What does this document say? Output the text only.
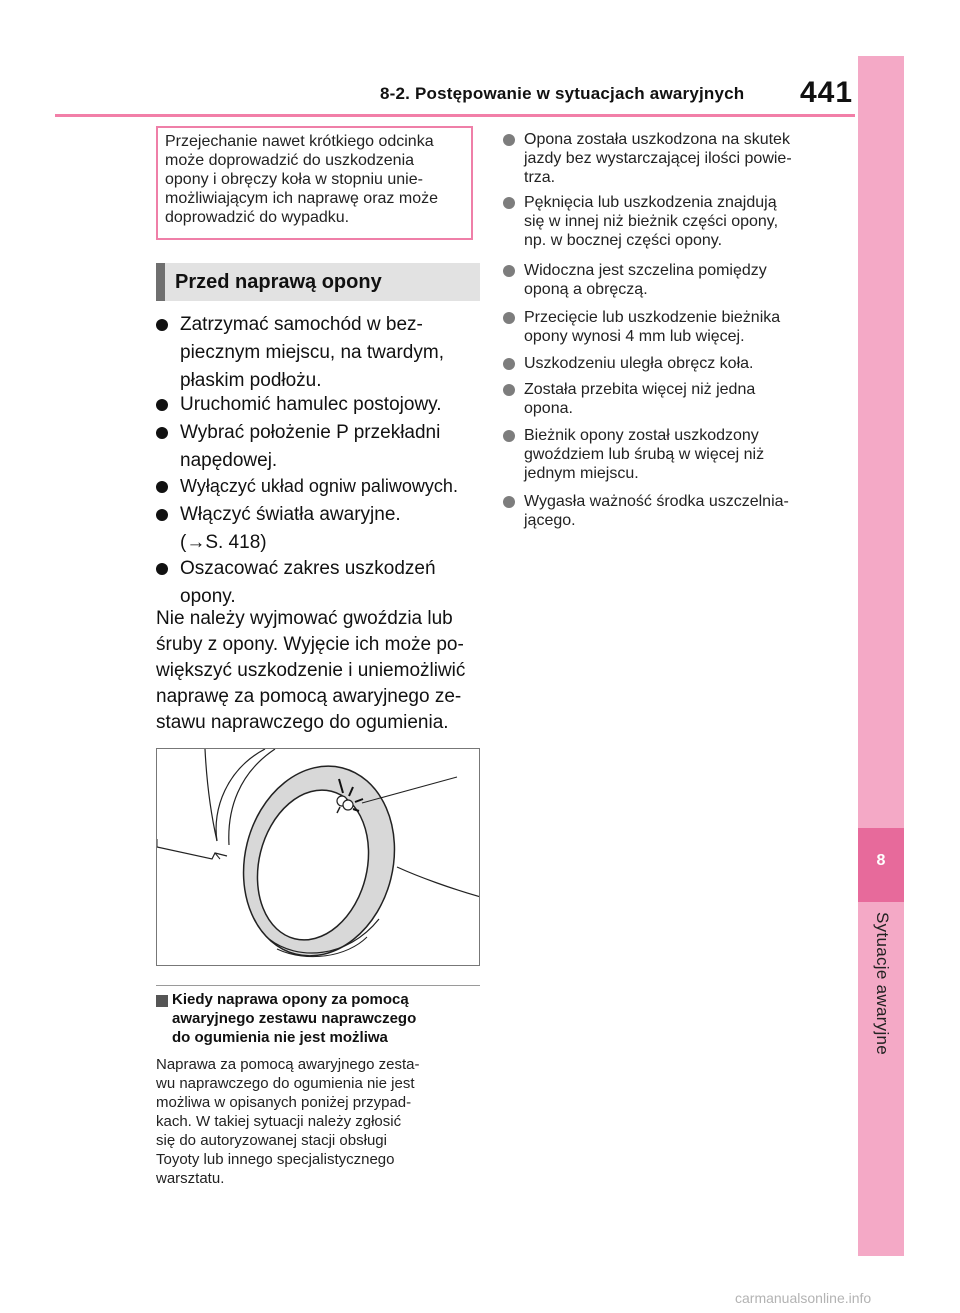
8-2. Postępowanie w sytuacjach awaryjnych 441
8
Sytuacje awaryjne
Przejechanie nawet krótkiego odcinka
może doprowadzić do uszkodzenia
opony i obręczy koła w stopniu unie-
możliwiającym ich naprawę oraz może
doprowadzić do wypadku.
Przed naprawą opony
Zatrzymać samochód w bez-
piecznym miejscu, na twardym,
płaskim podłożu.
Uruchomić hamulec postojowy.
Wybrać położenie P przekładni
napędowej.
Wyłączyć układ ogniw paliwowych.
Włączyć światła awaryjne.
(→S. 418)
Oszacować zakres uszkodzeń
opony.
Nie należy wyjmować gwoździa lub
śruby z opony. Wyjęcie ich może po-
większyć uszkodzenie i uniemożliwić
naprawę za pomocą awaryjnego ze-
stawu naprawczego do ogumienia.
Kiedy naprawa opony za pomocą
awaryjnego zestawu naprawczego
do ogumienia nie jest możliwa
Naprawa za pomocą awaryjnego zesta-
wu naprawczego do ogumienia nie jest
możliwa w opisanych poniżej przypad-
kach. W takiej sytuacji należy zgłosić
się do autoryzowanej stacji obsługi
Toyoty lub innego specjalistycznego
warsztatu.
Opona została uszkodzona na skutek
jazdy bez wystarczającej ilości powie-
trza.
Pęknięcia lub uszkodzenia znajdują
się w innej niż bieżnik części opony,
np. w bocznej części opony.
Widoczna jest szczelina pomiędzy
oponą a obręczą.
Przecięcie lub uszkodzenie bieżnika
opony wynosi 4 mm lub więcej.
Uszkodzeniu uległa obręcz koła.
Została przebita więcej niż jedna
opona.
Bieżnik opony został uszkodzony
gwoździem lub śrubą w więcej niż
jednym miejscu.
Wygasła ważność środka uszczelnia-
jącego.
carmanualsonline.info
